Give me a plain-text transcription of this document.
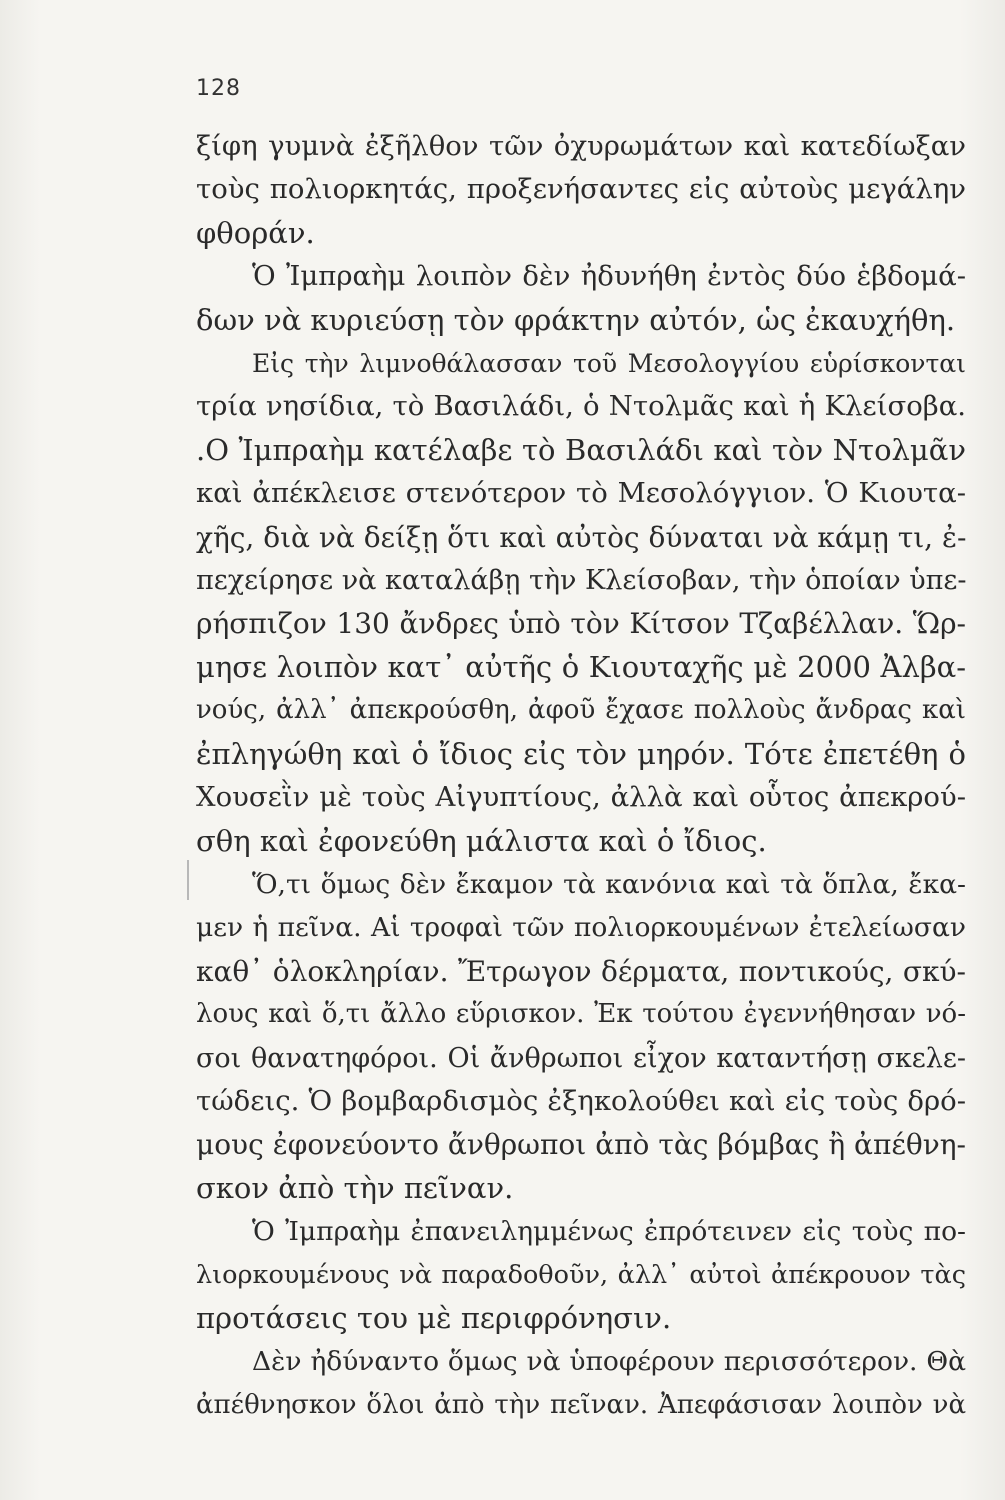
128
ξίφη γυμνὰ ἐξῆλθον τῶν ὀχυρωμάτων καὶ κατεδίωξαν
τοὺς πολιορκητάς, προξενήσαντες εἰς αὐτοὺς μεγάλην
φθοράν.
Ὁ Ἰμπραὴμ λοιπὸν δὲν ἠδυνήθη ἐντὸς δύο ἑβδομά-
δων νὰ κυριεύσῃ τὸν φράκτην αὐτόν, ὡς ἐκαυχήθη.
Εἰς τὴν λιμνοθάλασσαν τοῦ Μεσολογγίου εὑρίσκονται
τρία νησίδια, τὸ Βασιλάδι, ὁ Ντολμᾶς καὶ ἡ Κλείσοβα.
.Ο Ἰμπραὴμ κατέλαβε τὸ Βασιλάδι καὶ τὸν Ντολμᾶν
καὶ ἀπέκλεισε στενότερον τὸ Μεσολόγγιον. Ὁ Κιουτα-
χῆς, διὰ νὰ δείξῃ ὅτι καὶ αὐτὸς δύναται νὰ κάμῃ τι, ἐ-
πεχείρησε νὰ καταλάβῃ τὴν Κλείσοβαν, τὴν ὁποίαν ὑπε-
ρήσπιζον 130 ἄνδρες ὑπὸ τὸν Κίτσον Τζαβέλλαν. Ὥρ-
μησε λοιπὸν κατ᾽ αὐτῆς ὁ Κιουταχῆς μὲ 2000 Ἀλβα-
νούς, ἀλλ᾽ ἀπεκρούσθη, ἀφοῦ ἔχασε πολλοὺς ἄνδρας καὶ
ἐπληγώθη καὶ ὁ ἴδιος εἰς τὸν μηρόν. Τότε ἐπετέθη ὁ
Χουσεῒν μὲ τοὺς Αἰγυπτίους, ἀλλὰ καὶ οὗτος ἀπεκρού-
σθη καὶ ἐφονεύθη μάλιστα καὶ ὁ ἴδιος.
Ὅ,τι ὅμως δὲν ἔκαμον τὰ κανόνια καὶ τὰ ὅπλα, ἔκα-
μεν ἡ πεῖνα. Αἱ τροφαὶ τῶν πολιορκουμένων ἐτελείωσαν
καθ᾽ ὁλοκληρίαν. Ἔτρωγον δέρματα, ποντικούς, σκύ-
λους καὶ ὅ,τι ἄλλο εὕρισκον. Ἐκ τούτου ἐγεννήθησαν νό-
σοι θανατηφόροι. Οἱ ἄνθρωποι εἶχον καταντήσῃ σκελε-
τώδεις. Ὁ βομβαρδισμὸς ἐξηκολούθει καὶ εἰς τοὺς δρό-
μους ἐφονεύοντο ἄνθρωποι ἀπὸ τὰς βόμβας ἢ ἀπέθνη-
σκον ἀπὸ τὴν πεῖναν.
Ὁ Ἰμπραὴμ ἐπανειλημμένως ἐπρότεινεν εἰς τοὺς πο-
λιορκουμένους νὰ παραδοθοῦν, ἀλλ᾽ αὐτοὶ ἀπέκρουον τὰς
προτάσεις του μὲ περιφρόνησιν.
Δὲν ἠδύναντο ὅμως νὰ ὑποφέρουν περισσότερον. Θὰ
ἀπέθνησκον ὅλοι ἀπὸ τὴν πεῖναν. Ἀπεφάσισαν λοιπὸν νὰ
